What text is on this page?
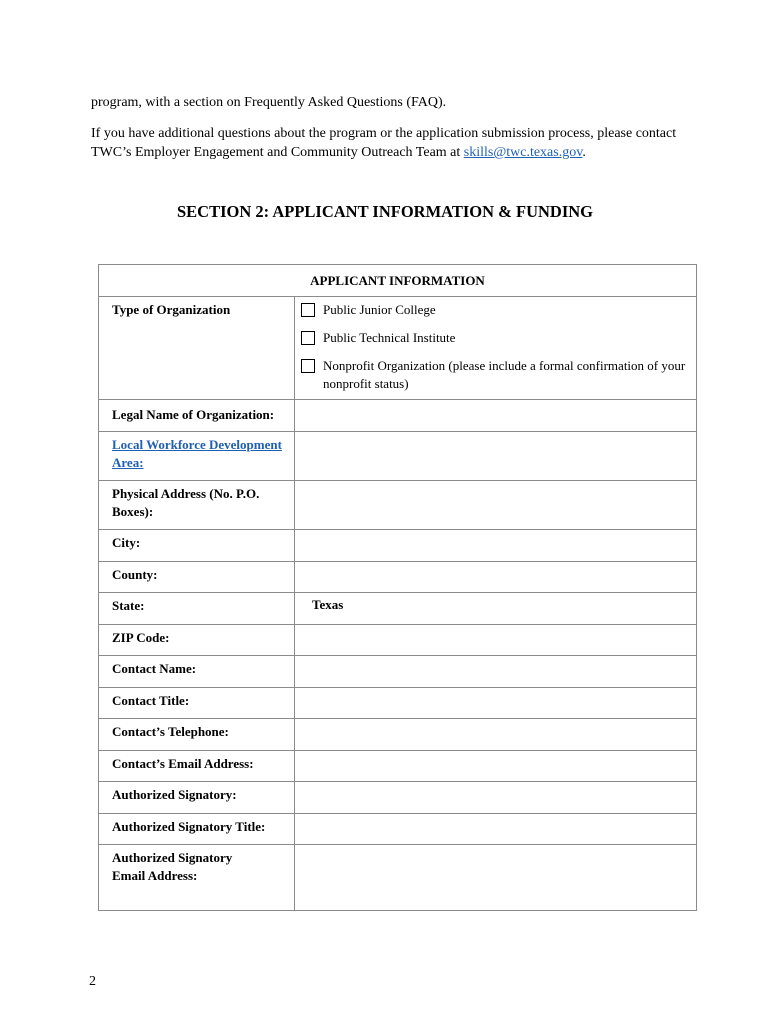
program, with a section on Frequently Asked Questions (FAQ).

If you have additional questions about the program or the application submission process, please contact TWC’s Employer Engagement and Community Outreach Team at skills@twc.texas.gov.

SECTION 2: APPLICANT INFORMATION & FUNDING
APPLICANT INFORMATION	
Type of Organization	Public Junior College
Public Technical Institute
Nonprofit Organization (please include a formal confirmation of your nonprofit status)

Legal Name of Organization:	
Local Workforce Development Area:	
Physical Address (No. P.O. Boxes):	
City:	
County:	
State:	Texas
ZIP Code:	
Contact Name:	
Contact Title:	
Contact’s Telephone:	
Contact’s Email Address:	
Authorized Signatory:	
Authorized Signatory Title:	
Authorized Signatory Email Address:	
2
